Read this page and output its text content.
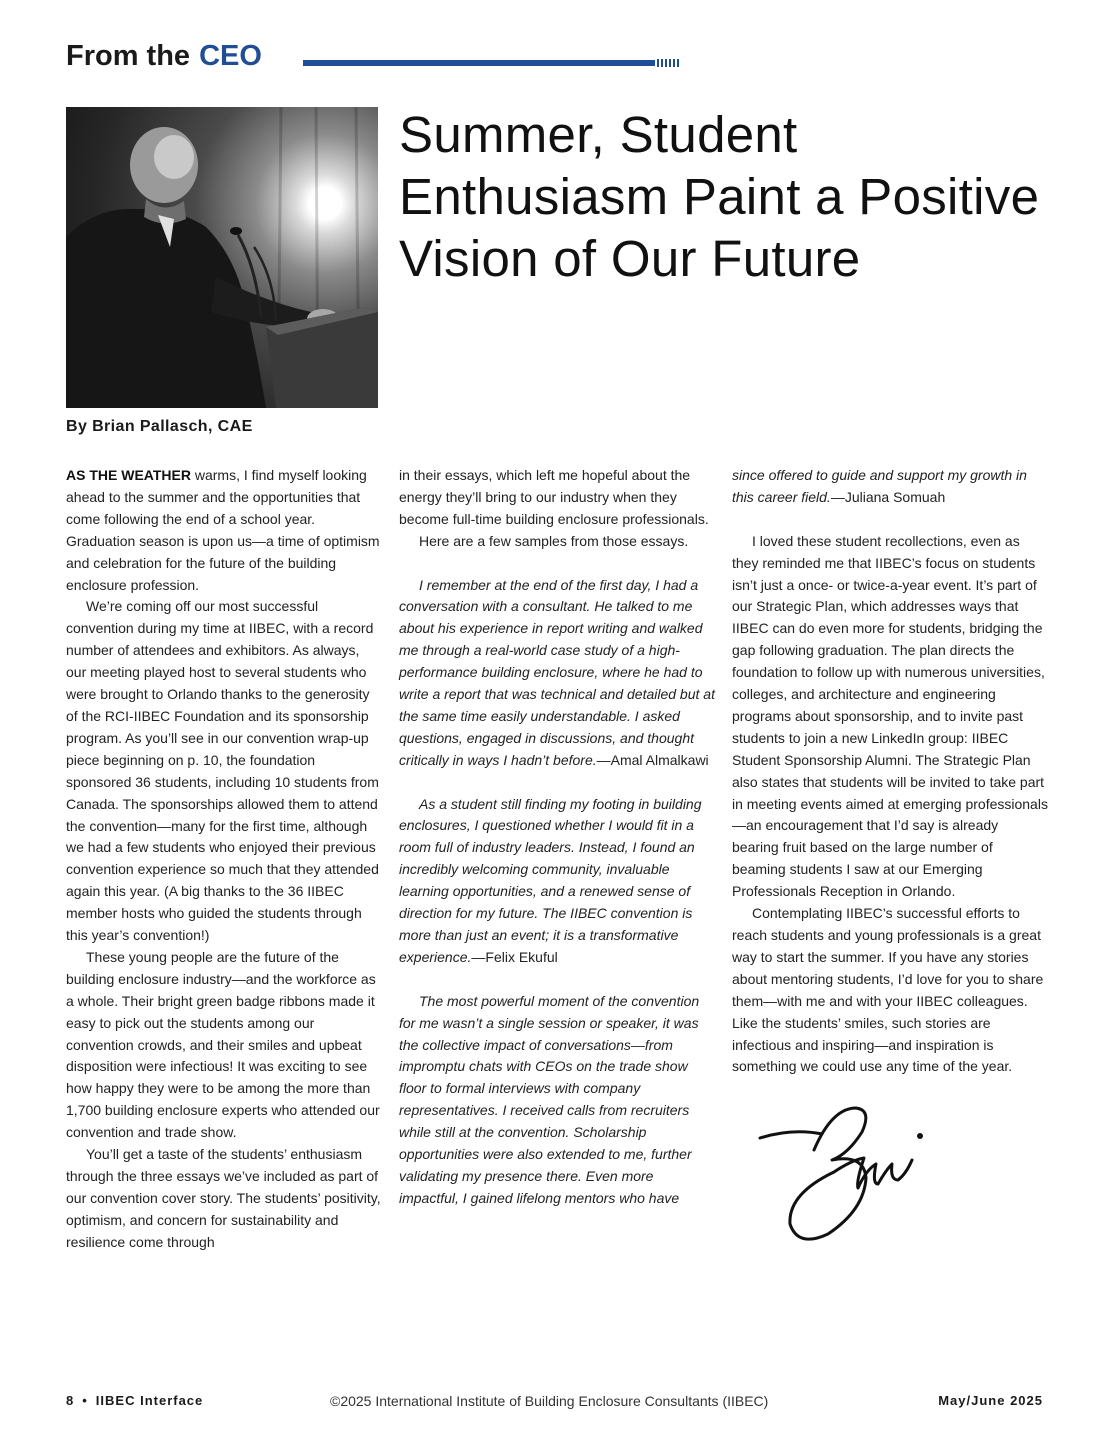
From the CEO
Summer, Student Enthusiasm Paint a Positive Vision of Our Future
By Brian Pallasch, CAE

AS THE WEATHER warms, I find myself looking ahead to the summer and the opportunities that come following the end of a school year. Graduation season is upon us—a time of optimism and celebration for the future of the building enclosure profession.

We’re coming off our most successful convention during my time at IIBEC, with a record number of attendees and exhibitors. As always, our meeting played host to several students who were brought to Orlando thanks to the generosity of the RCI-IIBEC Foundation and its sponsorship program. As you’ll see in our convention wrap-up piece beginning on p. 10, the foundation sponsored 36 students, including 10 students from Canada. The sponsorships allowed them to attend the convention—many for the first time, although we had a few students who enjoyed their previous convention experience so much that they attended again this year. (A big thanks to the 36 IIBEC member hosts who guided the students through this year’s convention!)

These young people are the future of the building enclosure industry—and the workforce as a whole. Their bright green badge ribbons made it easy to pick out the students among our convention crowds, and their smiles and upbeat disposition were infectious! It was exciting to see how happy they were to be among the more than 1,700 building enclosure experts who attended our convention and trade show.

You’ll get a taste of the students’ enthusiasm through the three essays we’ve included as part of our convention cover story. The students’ positivity, optimism, and concern for sustainability and resilience come through

in their essays, which left me hopeful about the energy they’ll bring to our industry when they become full-time building enclosure professionals.

Here are a few samples from those essays.

I remember at the end of the first day, I had a conversation with a consultant. He talked to me about his experience in report writing and walked me through a real-world case study of a high-performance building enclosure, where he had to write a report that was technical and detailed but at the same time easily understandable. I asked questions, engaged in discussions, and thought critically in ways I hadn’t before.—Amal Almalkawi

As a student still finding my footing in building enclosures, I questioned whether I would fit in a room full of industry leaders. Instead, I found an incredibly welcoming community, invaluable learning opportunities, and a renewed sense of direction for my future. The IIBEC convention is more than just an event; it is a transformative experience.—Felix Ekuful

The most powerful moment of the convention for me wasn’t a single session or speaker, it was the collective impact of conversations—from impromptu chats with CEOs on the trade show floor to formal interviews with company representatives. I received calls from recruiters while still at the convention. Scholarship opportunities were also extended to me, further validating my presence there. Even more impactful, I gained lifelong mentors who have

since offered to guide and support my growth in this career field.—Juliana Somuah

I loved these student recollections, even as they reminded me that IIBEC’s focus on students isn’t just a once- or twice-a-year event. It’s part of our Strategic Plan, which addresses ways that IIBEC can do even more for students, bridging the gap following graduation. The plan directs the foundation to follow up with numerous universities, colleges, and architecture and engineering programs about sponsorship, and to invite past students to join a new LinkedIn group: IIBEC Student Sponsorship Alumni. The Strategic Plan also states that students will be invited to take part in meeting events aimed at emerging professionals—an encouragement that I’d say is already bearing fruit based on the large number of beaming students I saw at our Emerging Professionals Reception in Orlando.

Contemplating IIBEC’s successful efforts to reach students and young professionals is a great way to start the summer. If you have any stories about mentoring students, I’d love for you to share them—with me and with your IIBEC colleagues. Like the students’ smiles, such stories are infectious and inspiring—and inspiration is something we could use any time of the year.

8 • IIBEC Interface	©2025 International Institute of Building Enclosure Consultants (IIBEC)	May/June 2025
